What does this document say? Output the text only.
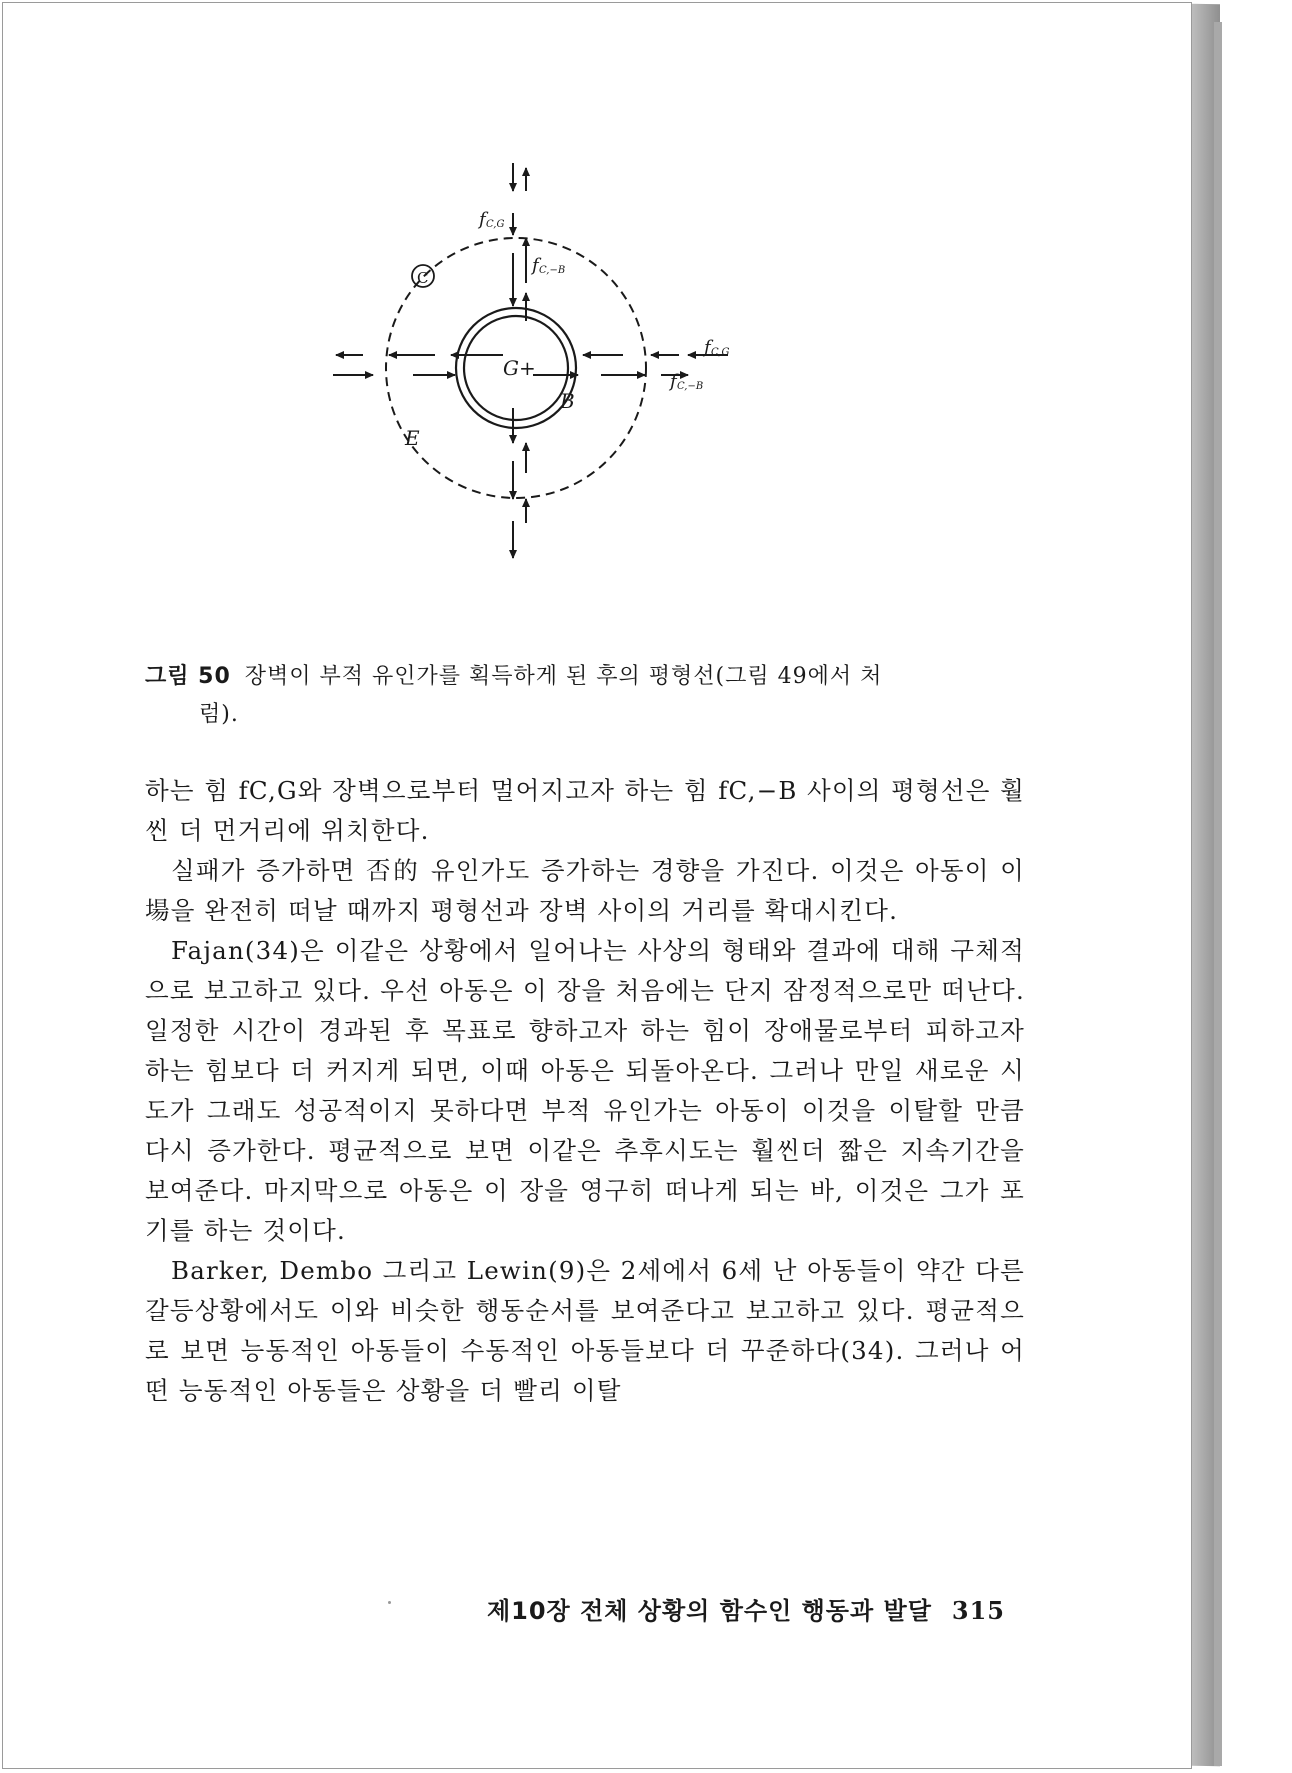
C
G+
B
E
f C,G
f C,−B
f C,G
f C,−B
그림 50 장벽이 부적 유인가를 획득하게 된 후의 평형선(그림 49에서 처
럼).

하는 힘 fC,G와 장벽으로부터 멀어지고자 하는 힘 fC,−B 사이의 평형선은 훨씬 더 먼거리에 위치한다.

실패가 증가하면 否的 유인가도 증가하는 경향을 가진다. 이것은 아동이 이 場을 완전히 떠날 때까지 평형선과 장벽 사이의 거리를 확대시킨다.

Fajan(34)은 이같은 상황에서 일어나는 사상의 형태와 결과에 대해 구체적으로 보고하고 있다. 우선 아동은 이 장을 처음에는 단지 잠정적으로만 떠난다. 일정한 시간이 경과된 후 목표로 향하고자 하는 힘이 장애물로부터 피하고자 하는 힘보다 더 커지게 되면, 이때 아동은 되돌아온다. 그러나 만일 새로운 시도가 그래도 성공적이지 못하다면 부적 유인가는 아동이 이것을 이탈할 만큼 다시 증가한다. 평균적으로 보면 이같은 추후시도는 훨씬더 짧은 지속기간을 보여준다. 마지막으로 아동은 이 장을 영구히 떠나게 되는 바, 이것은 그가 포기를 하는 것이다.

Barker, Dembo 그리고 Lewin(9)은 2세에서 6세 난 아동들이 약간 다른 갈등상황에서도 이와 비슷한 행동순서를 보여준다고 보고하고 있다. 평균적으로 보면 능동적인 아동들이 수동적인 아동들보다 더 꾸준하다(34). 그러나 어떤 능동적인 아동들은 상황을 더 빨리 이탈

제10장 전체 상황의 함수인 행동과 발달 315
